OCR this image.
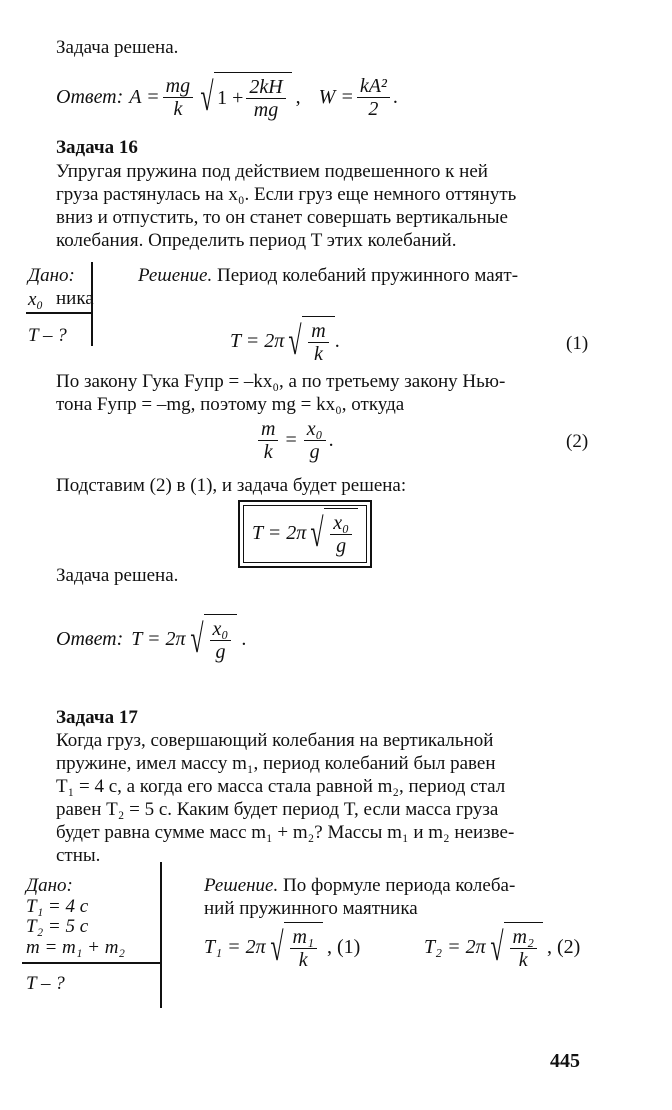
Задача решена.
Ответ: $A = \frac{mg}{k}$ √ $1 + \frac{2kH}{mg}$ , $W = \frac{\text{kA²}}{2}$ .
Задача 16
Упругая пружина под действием подвешенного к ней
груза растянулась на x₀. Если груз еще немного оттянуть
вниз и отпустить, то он станет совершать вертикальные
колебания. Определить период T этих колебаний.
Дано:
x₀
T – ?
Решение. Период колебаний пружинного маят-
ника
T = 2π √ $\frac{m}{k}$ .	(1)
По закону Гука Fупр = –kx₀, а по третьему закону Нью-
тона Fупр = –mg, поэтому mg = kx₀, откуда
$\frac{m}{k} = \frac{\text{x₀}}{g}$ .	(2)
Подставим (2) в (1), и задача будет решена:
T = 2π √ $\frac{\text{x₀}}{g}$
Задача решена.
Ответ: T = 2π √ $\frac{\text{x₀}}{g}$ .
Задача 17
Когда груз, совершающий колебания на вертикальной
пружине, имел массу m₁, период колебаний был равен
T₁ = 4 с, а когда его масса стала равной m₂, период стал
равен T₂ = 5 с. Каким будет период T, если масса груза
будет равна сумме масс m₁ + m₂? Массы m₁ и m₂ неизве-
стны.
Дано:
T₁ = 4 с
T₂ = 5 с
m = m₁ + m₂
T – ?
Решение. По формуле периода колеба-
ний пружинного маятника
T₁ = 2π √ $\frac{\text{m₁}}{k}$ , (1)	T₂ = 2π √ $\frac{\text{m₂}}{k}$ , (2)
445
